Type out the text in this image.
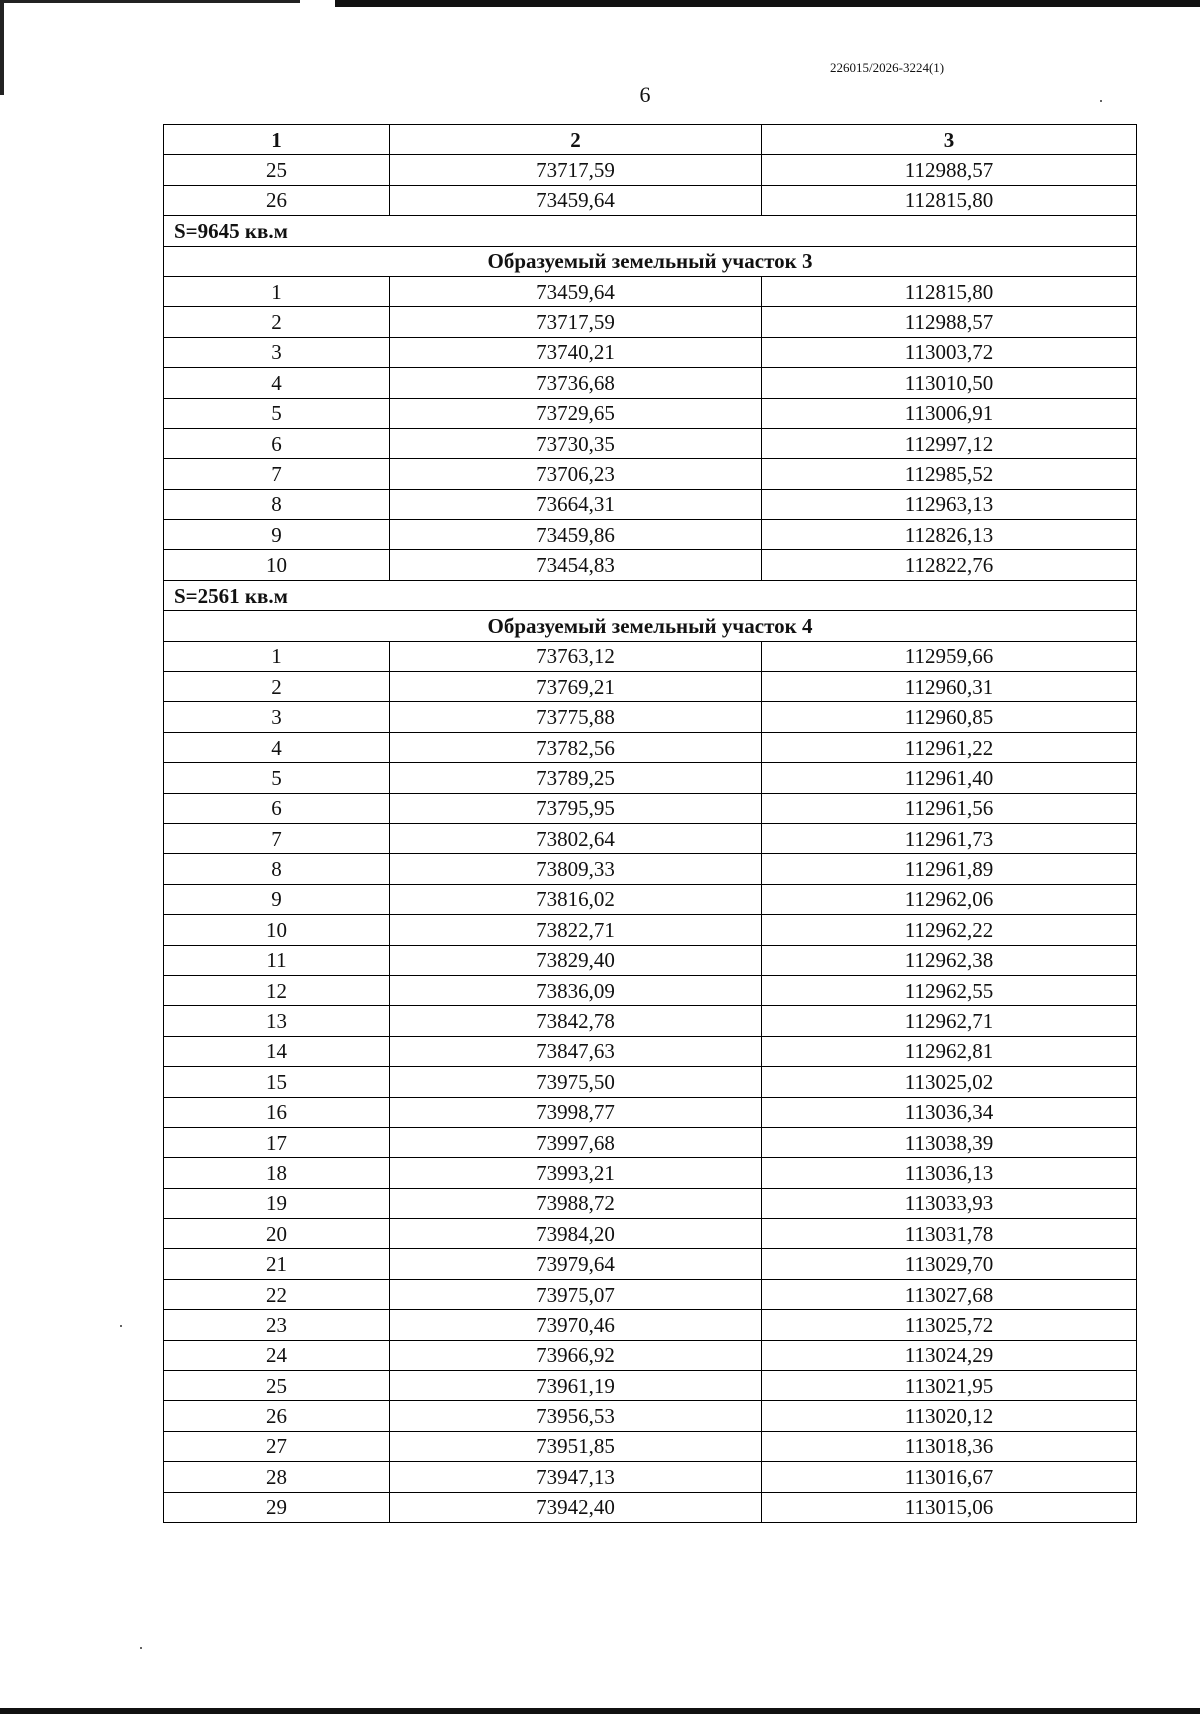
226015/2026-3224(1)
6
1	2	3
25	73717,59	112988,57
26	73459,64	112815,80
S=9645 кв.м		
Образуемый земельный участок 3		
1	73459,64	112815,80
2	73717,59	112988,57
3	73740,21	113003,72
4	73736,68	113010,50
5	73729,65	113006,91
6	73730,35	112997,12
7	73706,23	112985,52
8	73664,31	112963,13
9	73459,86	112826,13
10	73454,83	112822,76
S=2561 кв.м		
Образуемый земельный участок 4		
1	73763,12	112959,66
2	73769,21	112960,31
3	73775,88	112960,85
4	73782,56	112961,22
5	73789,25	112961,40
6	73795,95	112961,56
7	73802,64	112961,73
8	73809,33	112961,89
9	73816,02	112962,06
10	73822,71	112962,22
11	73829,40	112962,38
12	73836,09	112962,55
13	73842,78	112962,71
14	73847,63	112962,81
15	73975,50	113025,02
16	73998,77	113036,34
17	73997,68	113038,39
18	73993,21	113036,13
19	73988,72	113033,93
20	73984,20	113031,78
21	73979,64	113029,70
22	73975,07	113027,68
23	73970,46	113025,72
24	73966,92	113024,29
25	73961,19	113021,95
26	73956,53	113020,12
27	73951,85	113018,36
28	73947,13	113016,67
29	73942,40	113015,06
